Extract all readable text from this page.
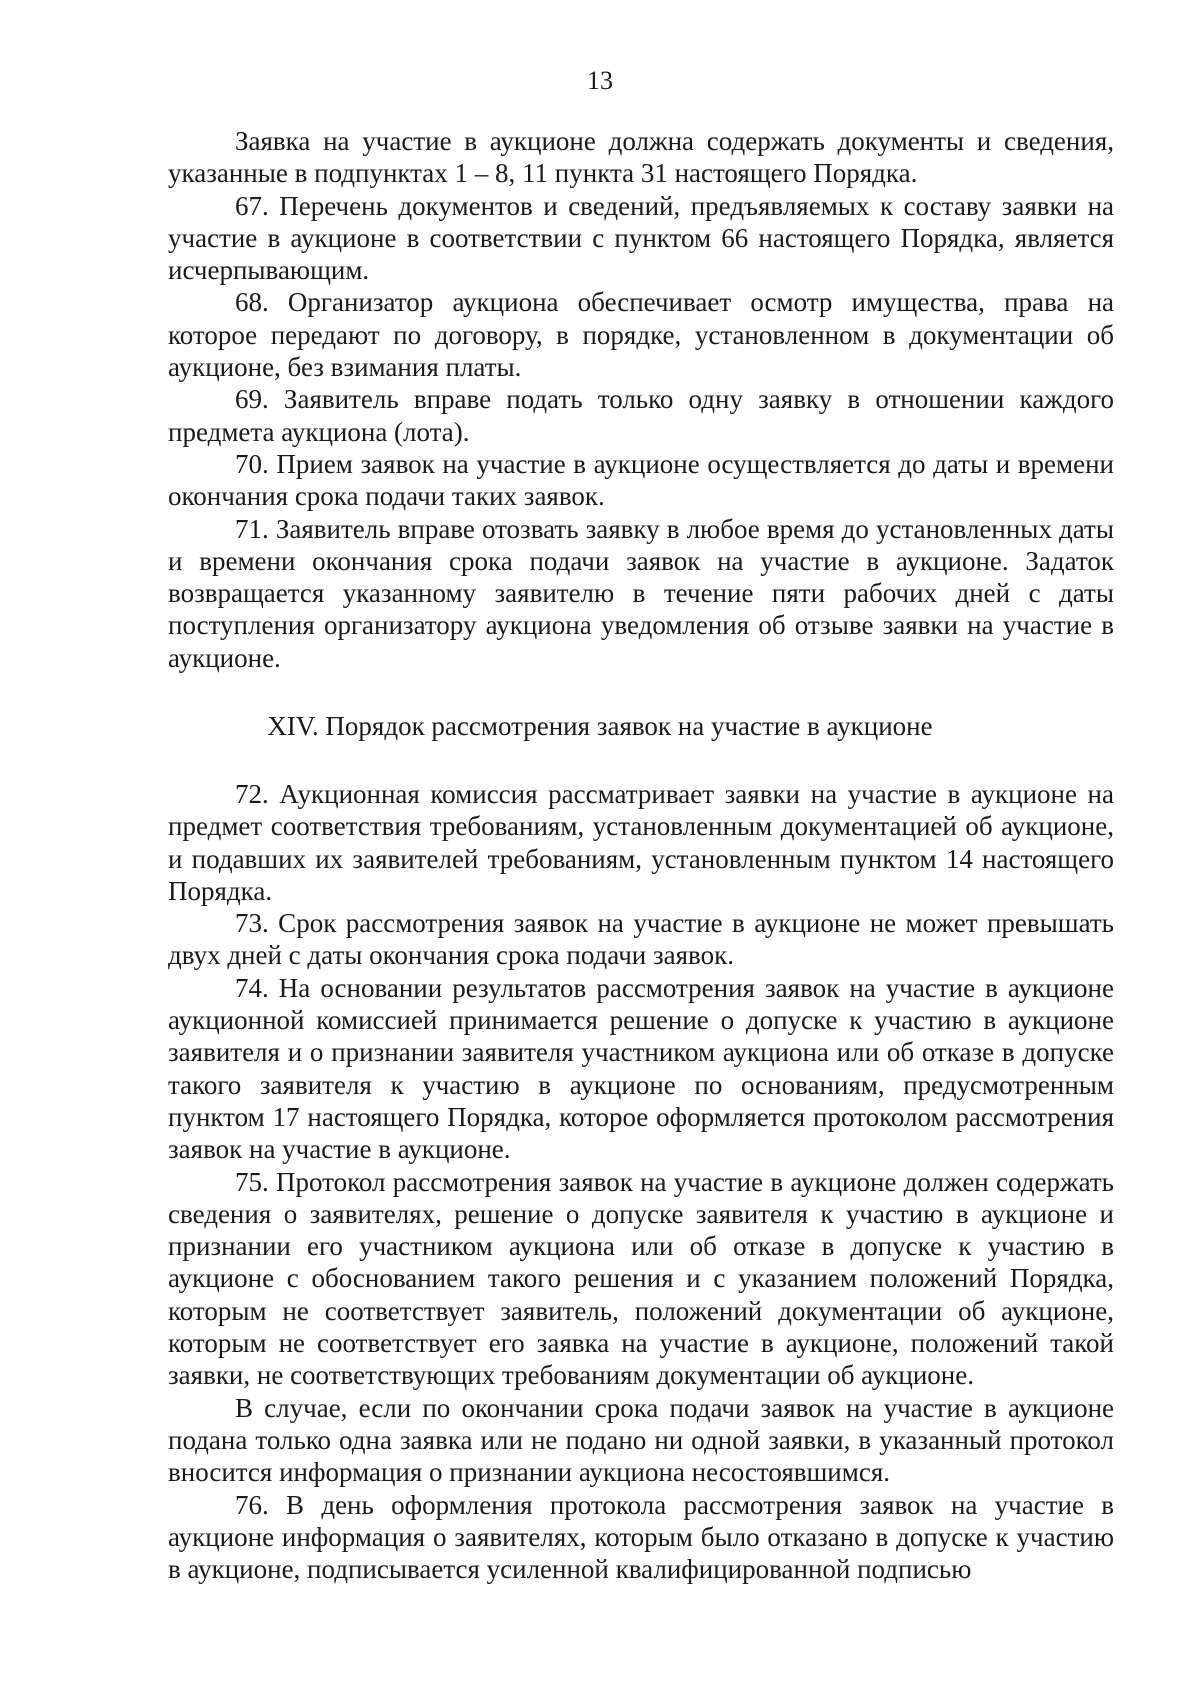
13

Заявка на участие в аукционе должна содержать документы и сведения, указанные в подпунктах 1 – 8, 11 пункта 31 настоящего Порядка.

67. Перечень документов и сведений, предъявляемых к составу заявки на участие в аукционе в соответствии с пунктом 66 настоящего Порядка, является исчерпывающим.

68. Организатор аукциона обеспечивает осмотр имущества, права на которое передают по договору, в порядке, установленном в документации об аукционе, без взимания платы.

69. Заявитель вправе подать только одну заявку в отношении каждого предмета аукциона (лота).

70. Прием заявок на участие в аукционе осуществляется до даты и времени окончания срока подачи таких заявок.

71. Заявитель вправе отозвать заявку в любое время до установленных даты и времени окончания срока подачи заявок на участие в аукционе. Задаток возвращается указанному заявителю в течение пяти рабочих дней с даты поступления организатору аукциона уведомления об отзыве заявки на участие в аукционе.

XIV. Порядок рассмотрения заявок на участие в аукционе

72. Аукционная комиссия рассматривает заявки на участие в аукционе на предмет соответствия требованиям, установленным документацией об аукционе, и подавших их заявителей требованиям, установленным пунктом 14 настоящего Порядка.

73. Срок рассмотрения заявок на участие в аукционе не может превышать двух дней с даты окончания срока подачи заявок.

74. На основании результатов рассмотрения заявок на участие в аукционе аукционной комиссией принимается решение о допуске к участию в аукционе заявителя и о признании заявителя участником аукциона или об отказе в допуске такого заявителя к участию в аукционе по основаниям, предусмотренным пунктом 17 настоящего Порядка, которое оформляется протоколом рассмотрения заявок на участие в аукционе.

75. Протокол рассмотрения заявок на участие в аукционе должен содержать сведения о заявителях, решение о допуске заявителя к участию в аукционе и признании его участником аукциона или об отказе в допуске к участию в аукционе с обоснованием такого решения и с указанием положений Порядка, которым не соответствует заявитель, положений документации об аукционе, которым не соответствует его заявка на участие в аукционе, положений такой заявки, не соответствующих требованиям документации об аукционе.

В случае, если по окончании срока подачи заявок на участие в аукционе подана только одна заявка или не подано ни одной заявки, в указанный протокол вносится информация о признании аукциона несостоявшимся.

76. В день оформления протокола рассмотрения заявок на участие в аукционе информация о заявителях, которым было отказано в допуске к участию в аукционе, подписывается усиленной квалифицированной подписью
